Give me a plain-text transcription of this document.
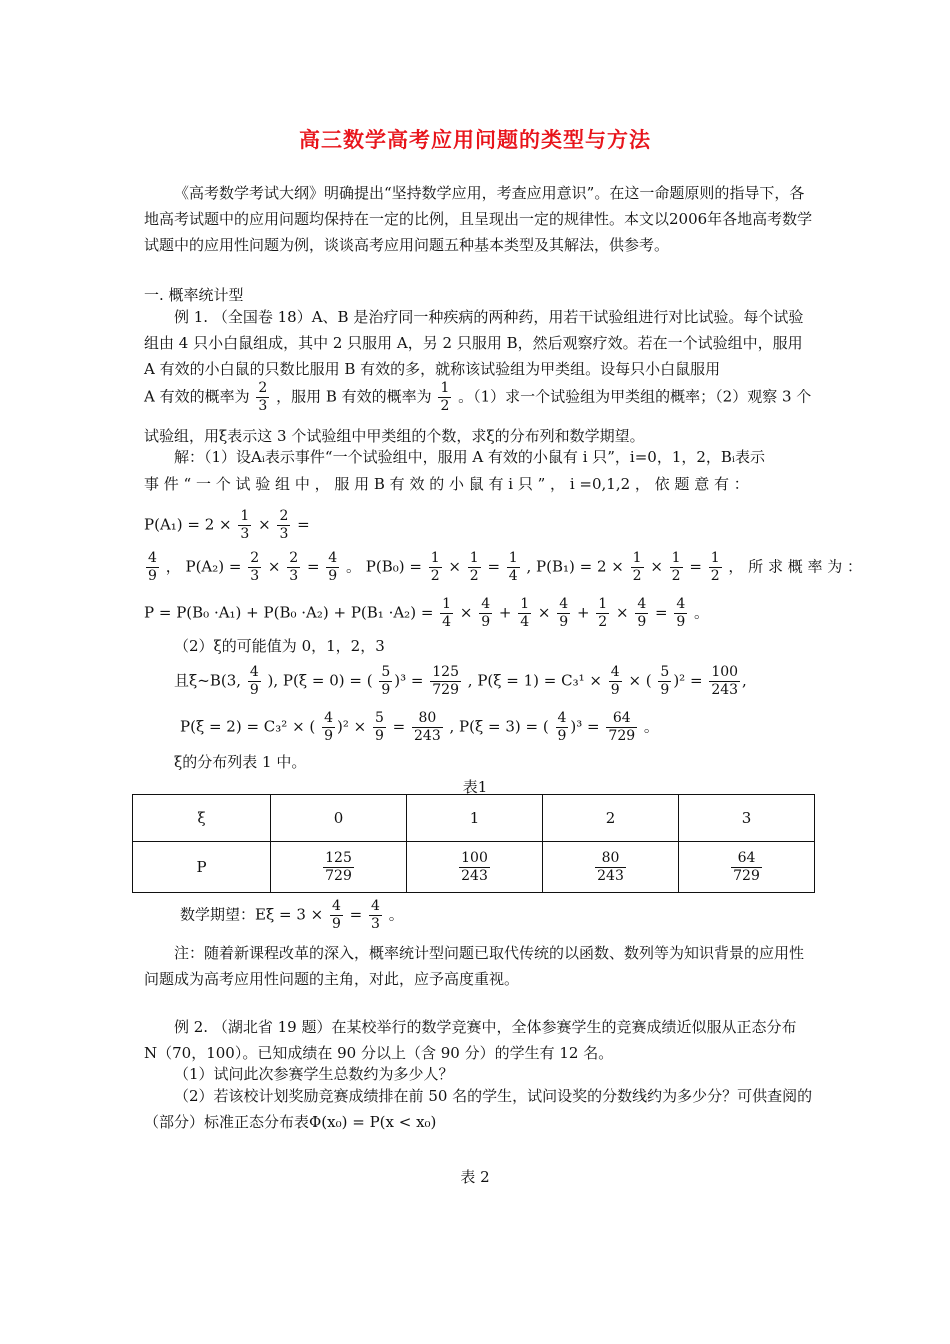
高三数学高考应用问题的类型与方法
《高考数学考试大纲》明确提出“坚持数学应用，考查应用意识”。在这一命题原则的指导下，各地高考试题中的应用问题均保持在一定的比例，且呈现出一定的规律性。本文以2006年各地高考数学试题中的应用性问题为例，谈谈高考应用问题五种基本类型及其解法，供参考。
一. 概率统计型
例 1. （全国卷 18）A、B 是治疗同一种疾病的两种药，用若干试验组进行对比试验。每个试验组由 4 只小白鼠组成，其中 2 只服用 A，另 2 只服用 B，然后观察疗效。若在一个试验组中，服用 A 有效的小白鼠的只数比服用 B 有效的多，就称该试验组为甲类组。设每只小白鼠服用
A 有效的概率为 $\frac{2}{3}$ ，服用 B 有效的概率为 $\frac{1}{2}$ 。（1）求一个试验组为甲类组的概率；（2）观察 3 个
试验组，用ξ表示这 3 个试验组中甲类组的个数，求ξ的分布列和数学期望。
解：（1）设Aᵢ表示事件“一个试验组中，服用 A 有效的小鼠有 i 只”，i=0，1，2，Bᵢ表示
事 件 “ 一 个 试 验 组 中 ， 服 用 B 有 效 的 小 鼠 有 i 只 ” ， i =0,1,2 ， 依 题 意 有 ：
$P(A_1) = 2 \times \frac{1}{3} \times \frac{2}{3}$ =
$\frac{4}{9}$ ， $P(A_2) = \frac{2}{3} \times \frac{2}{3} = \frac{4}{9}$ 。 $P(B_0) = \frac{1}{2} \times \frac{1}{2} = \frac{1}{4}$ , $P(B_1) = 2 \times \frac{1}{2} \times \frac{1}{2} = \frac{1}{2}$ ， 所 求 概 率 为 ：
$P = P(B_0 \cdot A_1) + P(B_0 \cdot A_2) + P(B_1 \cdot A_2) = \frac{1}{4} \times \frac{4}{9} + \frac{1}{4} \times \frac{4}{9} + \frac{1}{2} \times \frac{4}{9} = \frac{4}{9}$ 。
（2）ξ的可能值为 0，1，2，3
且ξ~B(3, $\frac{4}{9}$ ), P(ξ = 0) = ( $\frac{5}{9} )^3 = \frac{125}{729}$ , $P(\xi = 1) = C_3^1 \times \frac{4}{9}$ × ( $\frac{5}{9} )^2 = \frac{100}{243}$ ,
P(ξ = 2) = C₃² × ( $\frac{4}{9} )^2 \times \frac{5}{9} = \frac{80}{243}$ , P(ξ = 3) = ( $\frac{4}{9} )^3 = \frac{64}{729}$ 。
ξ的分布列表 1 中。
表1
ξ	0	1	2	3
P	$\frac{125}{729}$	$\frac{100}{243}$	$\frac{80}{243}$	$\frac{64}{729}$
数学期望：$E\xi = 3 \times \frac{4}{9} = \frac{4}{3}$ 。
注：随着新课程改革的深入，概率统计型问题已取代传统的以函数、数列等为知识背景的应用性问题成为高考应用性问题的主角，对此，应予高度重视。
例 2. （湖北省 19 题）在某校举行的数学竞赛中，全体参赛学生的竞赛成绩近似服从正态分布 N（70，100）。已知成绩在 90 分以上（含 90 分）的学生有 12 名。
（1）试问此次参赛学生总数约为多少人？
（2）若该校计划奖励竞赛成绩排在前 50 名的学生，试问设奖的分数线约为多少分？可供查阅的（部分）标准正态分布表Φ(x₀) = P(x < x₀)
表 2
